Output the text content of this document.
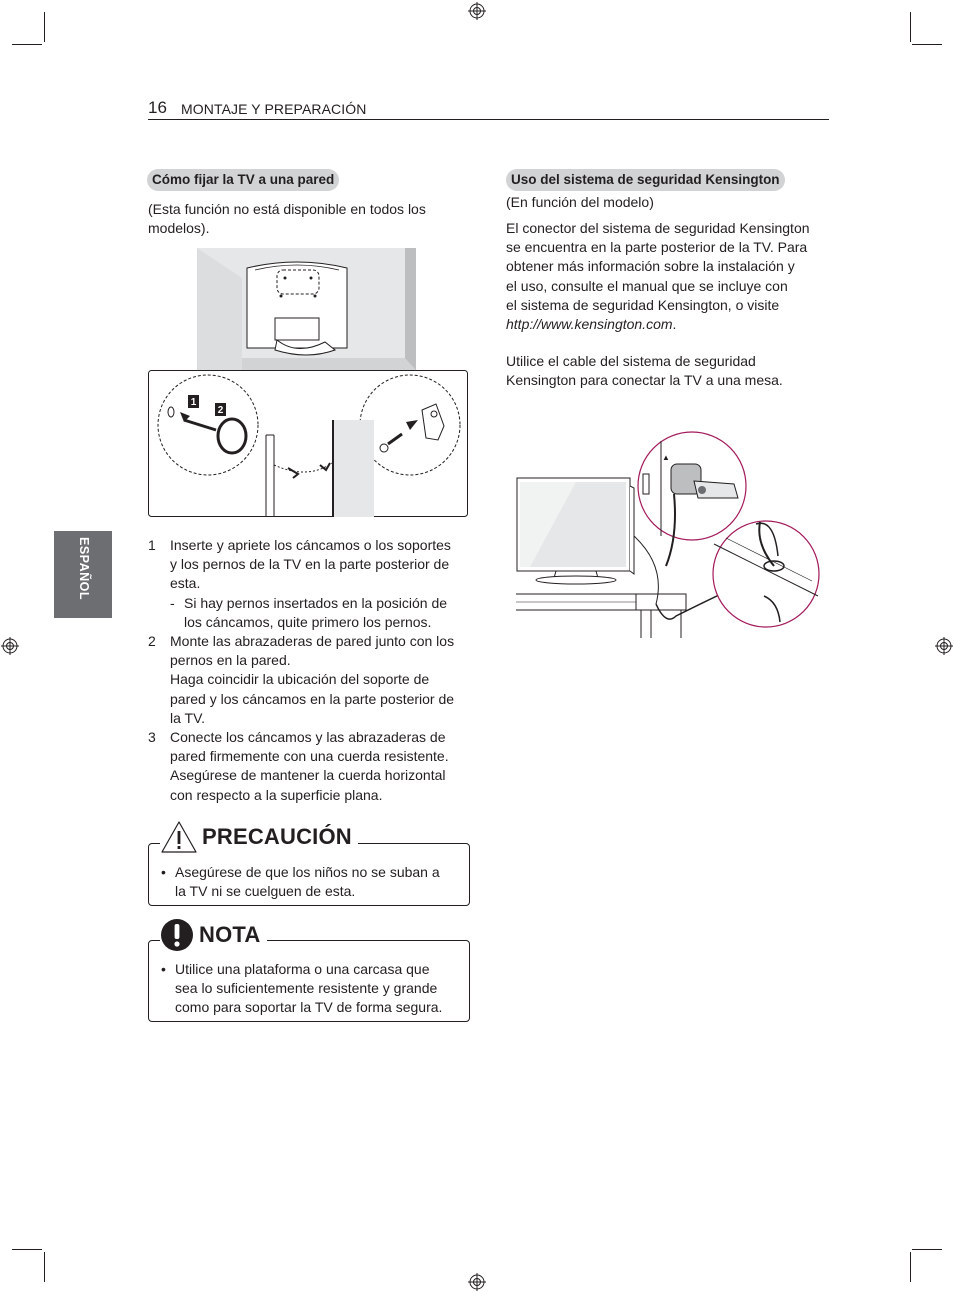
16 MONTAJE Y PREPARACIÓN
ESPAÑOL
Cómo fijar la TV a una pared
(Esta función no está disponible en todos los
modelos).
1
2
1 Inserte y apriete los cáncamos o los soportes
y los pernos de la TV en la parte posterior de
esta.
- Si hay pernos insertados en la posición de
los cáncamos, quite primero los pernos.
2 Monte las abrazaderas de pared junto con los
pernos en la pared.
Haga coincidir la ubicación del soporte de
pared y los cáncamos en la parte posterior de
la TV.
3 Conecte los cáncamos y las abrazaderas de
pared firmemente con una cuerda resistente.
Asegúrese de mantener la cuerda horizontal
con respecto a la superficie plana.
PRECAUCIÓN
• Asegúrese de que los niños no se suban a
la TV ni se cuelguen de esta.
NOTA
• Utilice una plataforma o una carcasa que
sea lo suficientemente resistente y grande
como para soportar la TV de forma segura.
Uso del sistema de seguridad Kensington
(En función del modelo)
El conector del sistema de seguridad Kensington
se encuentra en la parte posterior de la TV. Para
obtener más información sobre la instalación y
el uso, consulte el manual que se incluye con
el sistema de seguridad Kensington, o visite
http://www.kensington.com.
Utilice el cable del sistema de seguridad
Kensington para conectar la TV a una mesa.
▲
